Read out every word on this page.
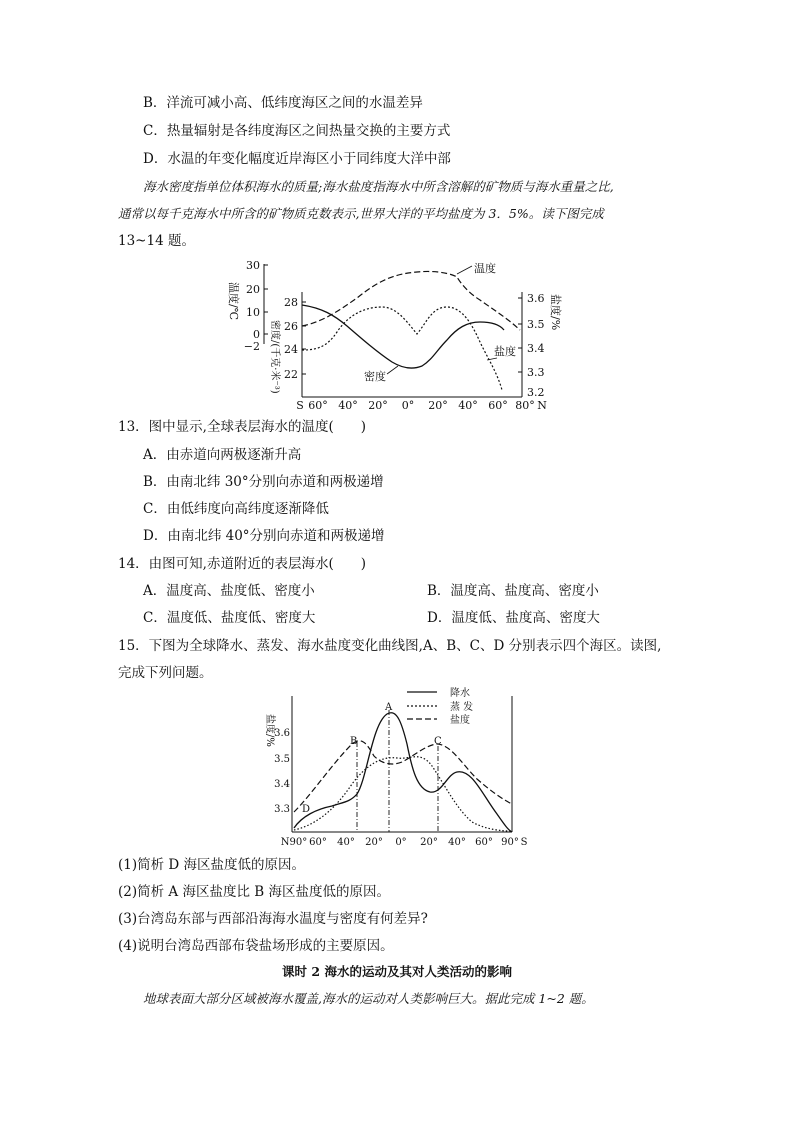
B．洋流可减小高、低纬度海区之间的水温差异
C．热量辐射是各纬度海区之间热量交换的主要方式
D．水温的年变化幅度近岸海区小于同纬度大洋中部
海水密度指单位体积海水的质量;海水盐度指海水中所含溶解的矿物质与海水重量之比,
通常以每千克海水中所含的矿物质克数表示,世界大洋的平均盐度为 3．5%。读下图完成
13~14 题。
温度/℃
密度/(千克·米⁻³)
30
20
10
0
−2
28
26
24
22
3.6
3.5
3.4
3.3
3.2
盐度/%
S 60° 40° 20° 0° 20° 40° 60° 80° N
温度
盐度
密度
13．图中显示,全球表层海水的温度(　　)
A．由赤道向两极逐渐升高
B．由南北纬 30°分别向赤道和两极递增
C．由低纬度向高纬度逐渐降低
D．由南北纬 40°分别向赤道和两极递增
14．由图可知,赤道附近的表层海水(　　)
A．温度高、盐度低、密度小	B．温度高、盐度高、密度小
C．温度低、盐度低、密度大	D．温度低、盐度高、密度大
15．下图为全球降水、蒸发、海水盐度变化曲线图,A、B、C、D 分别表示四个海区。读图,
完成下列问题。
盐度/% 3.6
3.5
3.4
3.3
N90° 60° 40° 20° 0° 20° 40° 60° 90° S
降水
蒸 发
盐度
A
B	C
D
(1)简析 D 海区盐度低的原因。
(2)简析 A 海区盐度比 B 海区盐度低的原因。
(3)台湾岛东部与西部沿海海水温度与密度有何差异?
(4)说明台湾岛西部布袋盐场形成的主要原因。
课时 2 海水的运动及其对人类活动的影响
地球表面大部分区域被海水覆盖,海水的运动对人类影响巨大。据此完成 1~2 题。
